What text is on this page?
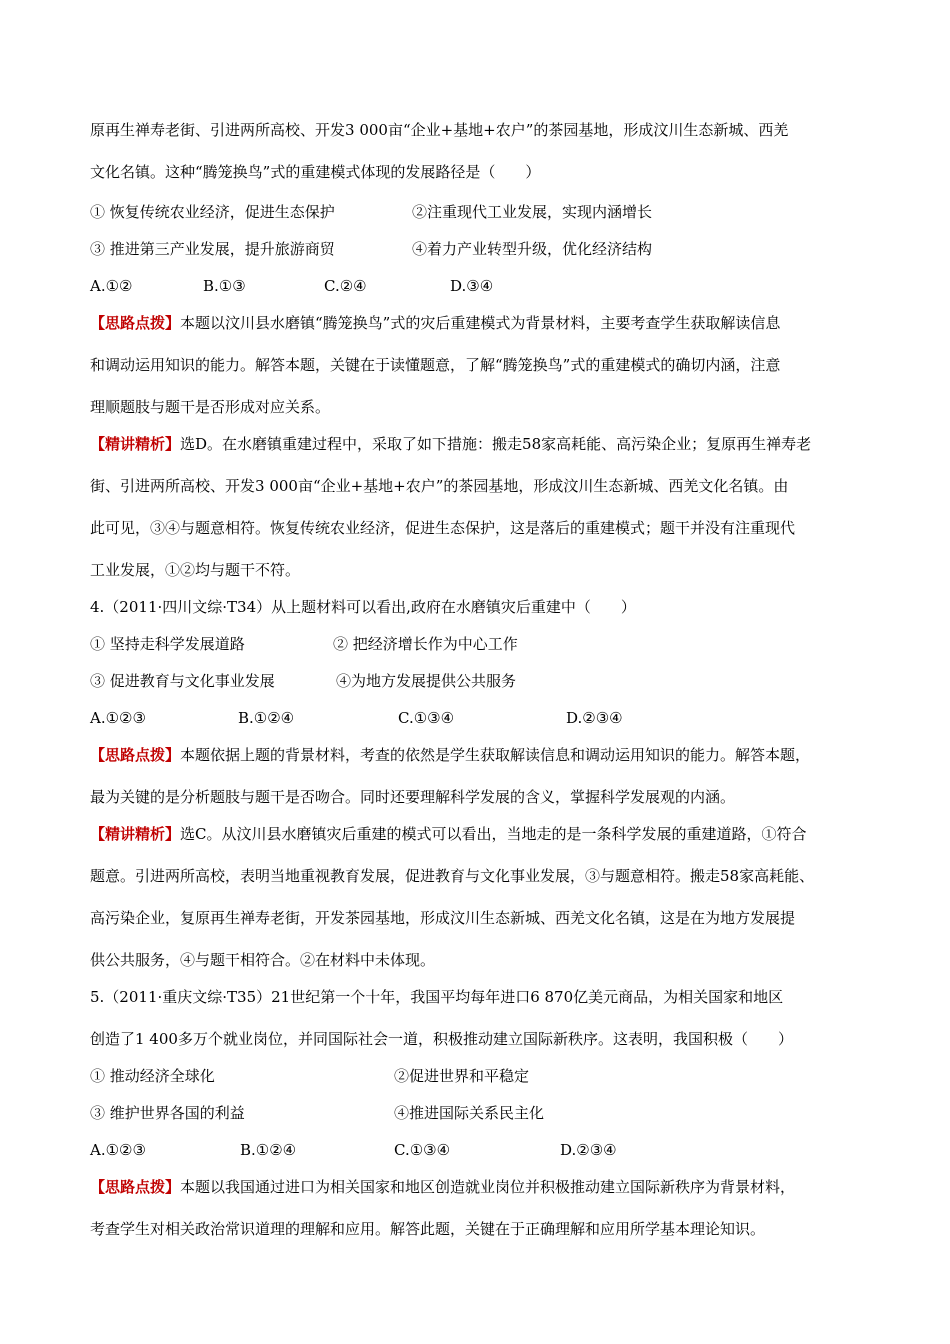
原再生禅寿老街、引进两所高校、开发3 000亩“企业+基地+农户”的茶园基地，形成汶川生态新城、西羌

文化名镇。这种“腾笼换鸟”式的重建模式体现的发展路径是（　　）

① 恢复传统农业经济，促进生态保护	②注重现代工业发展，实现内涵增长

③ 推进第三产业发展，提升旅游商贸	④着力产业转型升级，优化经济结构

A.①②	B.①③	C.②④	D.③④

【思路点拨】本题以汶川县水磨镇“腾笼换鸟”式的灾后重建模式为背景材料，主要考查学生获取解读信息

和调动运用知识的能力。解答本题，关键在于读懂题意，了解“腾笼换鸟”式的重建模式的确切内涵，注意

理顺题肢与题干是否形成对应关系。

【精讲精析】选D。在水磨镇重建过程中，采取了如下措施：搬走58家高耗能、高污染企业；复原再生禅寿老

街、引进两所高校、开发3 000亩“企业+基地+农户”的茶园基地，形成汶川生态新城、西羌文化名镇。由

此可见，③④与题意相符。恢复传统农业经济，促进生态保护，这是落后的重建模式；题干并没有注重现代

工业发展，①②均与题干不符。

4.（2011·四川文综·T34）从上题材料可以看出,政府在水磨镇灾后重建中（　　）

① 坚持走科学发展道路	② 把经济增长作为中心工作

③ 促进教育与文化事业发展	④为地方发展提供公共服务

A.①②③	B.①②④	C.①③④	D.②③④

【思路点拨】本题依据上题的背景材料，考查的依然是学生获取解读信息和调动运用知识的能力。解答本题，

最为关键的是分析题肢与题干是否吻合。同时还要理解科学发展的含义，掌握科学发展观的内涵。

【精讲精析】选C。从汶川县水磨镇灾后重建的模式可以看出，当地走的是一条科学发展的重建道路，①符合

题意。引进两所高校，表明当地重视教育发展，促进教育与文化事业发展，③与题意相符。搬走58家高耗能、

高污染企业，复原再生禅寿老街，开发茶园基地，形成汶川生态新城、西羌文化名镇，这是在为地方发展提

供公共服务，④与题干相符合。②在材料中未体现。

5.（2011·重庆文综·T35）21世纪第一个十年，我国平均每年进口6 870亿美元商品，为相关国家和地区

创造了1 400多万个就业岗位，并同国际社会一道，积极推动建立国际新秩序。这表明，我国积极（　　）

① 推动经济全球化	②促进世界和平稳定

③ 维护世界各国的利益	④推进国际关系民主化

A.①②③	B.①②④	C.①③④	D.②③④

【思路点拨】本题以我国通过进口为相关国家和地区创造就业岗位并积极推动建立国际新秩序为背景材料，

考查学生对相关政治常识道理的理解和应用。解答此题，关键在于正确理解和应用所学基本理论知识。
